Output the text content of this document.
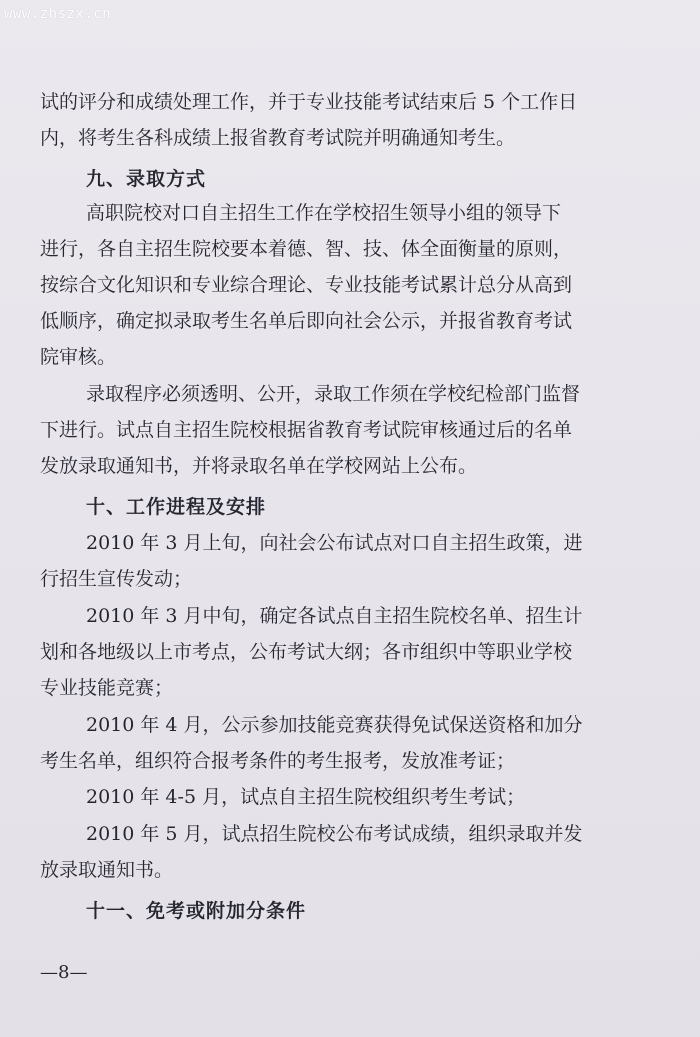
www.zhszx.cn
试的评分和成绩处理工作，并于专业技能考试结束后 5 个工作日
内，将考生各科成绩上报省教育考试院并明确通知考生。
九、录取方式
高职院校对口自主招生工作在学校招生领导小组的领导下
进行，各自主招生院校要本着德、智、技、体全面衡量的原则，
按综合文化知识和专业综合理论、专业技能考试累计总分从高到
低顺序，确定拟录取考生名单后即向社会公示，并报省教育考试
院审核。
录取程序必须透明、公开，录取工作须在学校纪检部门监督
下进行。试点自主招生院校根据省教育考试院审核通过后的名单
发放录取通知书，并将录取名单在学校网站上公布。
十、工作进程及安排
2010 年 3 月上旬，向社会公布试点对口自主招生政策，进
行招生宣传发动；
2010 年 3 月中旬，确定各试点自主招生院校名单、招生计
划和各地级以上市考点，公布考试大纲；各市组织中等职业学校
专业技能竞赛；
2010 年 4 月，公示参加技能竞赛获得免试保送资格和加分
考生名单，组织符合报考条件的考生报考，发放准考证；
2010 年 4-5 月，试点自主招生院校组织考生考试；
2010 年 5 月，试点招生院校公布考试成绩，组织录取并发
放录取通知书。
十一、免考或附加分条件
—8—
